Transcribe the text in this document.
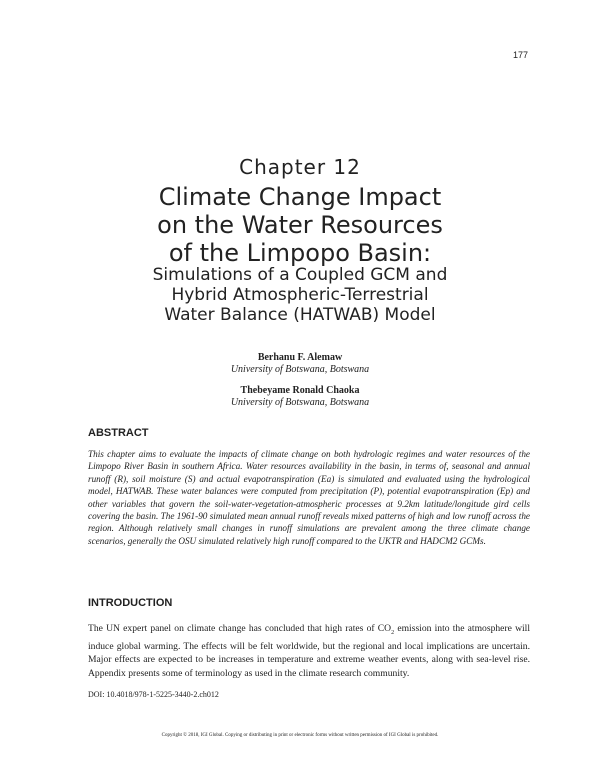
177
Chapter 12
Climate Change Impact
on the Water Resources
of the Limpopo Basin:
Simulations of a Coupled GCM and
Hybrid Atmospheric-Terrestrial
Water Balance (HATWAB) Model
Berhanu F. Alemaw
University of Botswana, Botswana
Thebeyame Ronald Chaoka
University of Botswana, Botswana
ABSTRACT
This chapter aims to evaluate the impacts of climate change on both hydrologic regimes and water resources of the Limpopo River Basin in southern Africa. Water resources availability in the basin, in terms of, seasonal and annual runoff (R), soil moisture (S) and actual evapotranspiration (Ea) is simulated and evaluated using the hydrological model, HATWAB. These water balances were computed from precipitation (P), potential evapotranspiration (Ep) and other variables that govern the soil-water-vegetation-atmospheric processes at 9.2km latitude/longitude gird cells covering the basin. The 1961-90 simulated mean annual runoff reveals mixed patterns of high and low runoff across the region. Although relatively small changes in runoff simulations are prevalent among the three climate change scenarios, generally the OSU simulated relatively high runoff compared to the UKTR and HADCM2 GCMs.
INTRODUCTION
The UN expert panel on climate change has concluded that high rates of $CO_2$ emission into the atmosphere will induce global warming. The effects will be felt worldwide, but the regional and local implications are uncertain. Major effects are expected to be increases in temperature and extreme weather events, along with sea-level rise. Appendix presents some of terminology as used in the climate research community.
DOI: 10.4018/978-1-5225-3440-2.ch012
Copyright © 2018, IGI Global. Copying or distributing in print or electronic forms without written permission of IGI Global is prohibited.
